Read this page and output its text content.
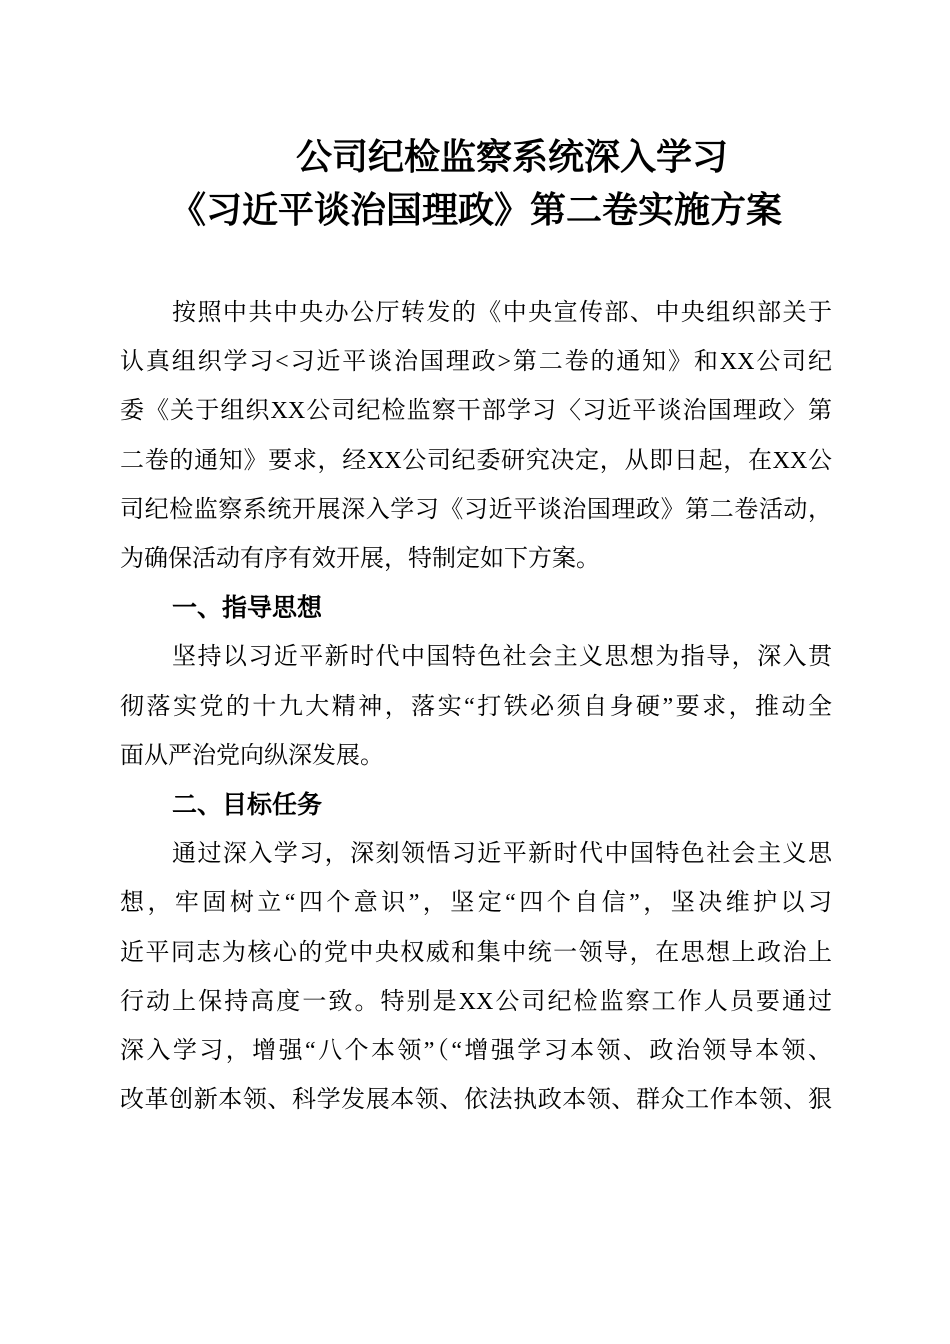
公司纪检监察系统深入学习
《习近平谈治国理政》第二卷实施方案
按照中共中央办公厅转发的《中央宣传部、中央组织部关于
认真组织学习<习近平谈治国理政>第二卷的通知》和XX公司纪
委《关于组织XX公司纪检监察干部学习〈习近平谈治国理政〉第
二卷的通知》要求，经XX公司纪委研究决定，从即日起，在XX公
司纪检监察系统开展深入学习《习近平谈治国理政》第二卷活动，
为确保活动有序有效开展，特制定如下方案。
一、指导思想
坚持以习近平新时代中国特色社会主义思想为指导，深入贯
彻落实党的十九大精神，落实“打铁必须自身硬”要求，推动全
面从严治党向纵深发展。
二、目标任务
通过深入学习，深刻领悟习近平新时代中国特色社会主义思
想，牢固树立“四个意识”，坚定“四个自信”，坚决维护以习
近平同志为核心的党中央权威和集中统一领导，在思想上政治上
行动上保持高度一致。特别是XX公司纪检监察工作人员要通过
深入学习，增强“八个本领”（“增强学习本领、政治领导本领、
改革创新本领、科学发展本领、依法执政本领、群众工作本领、狠
